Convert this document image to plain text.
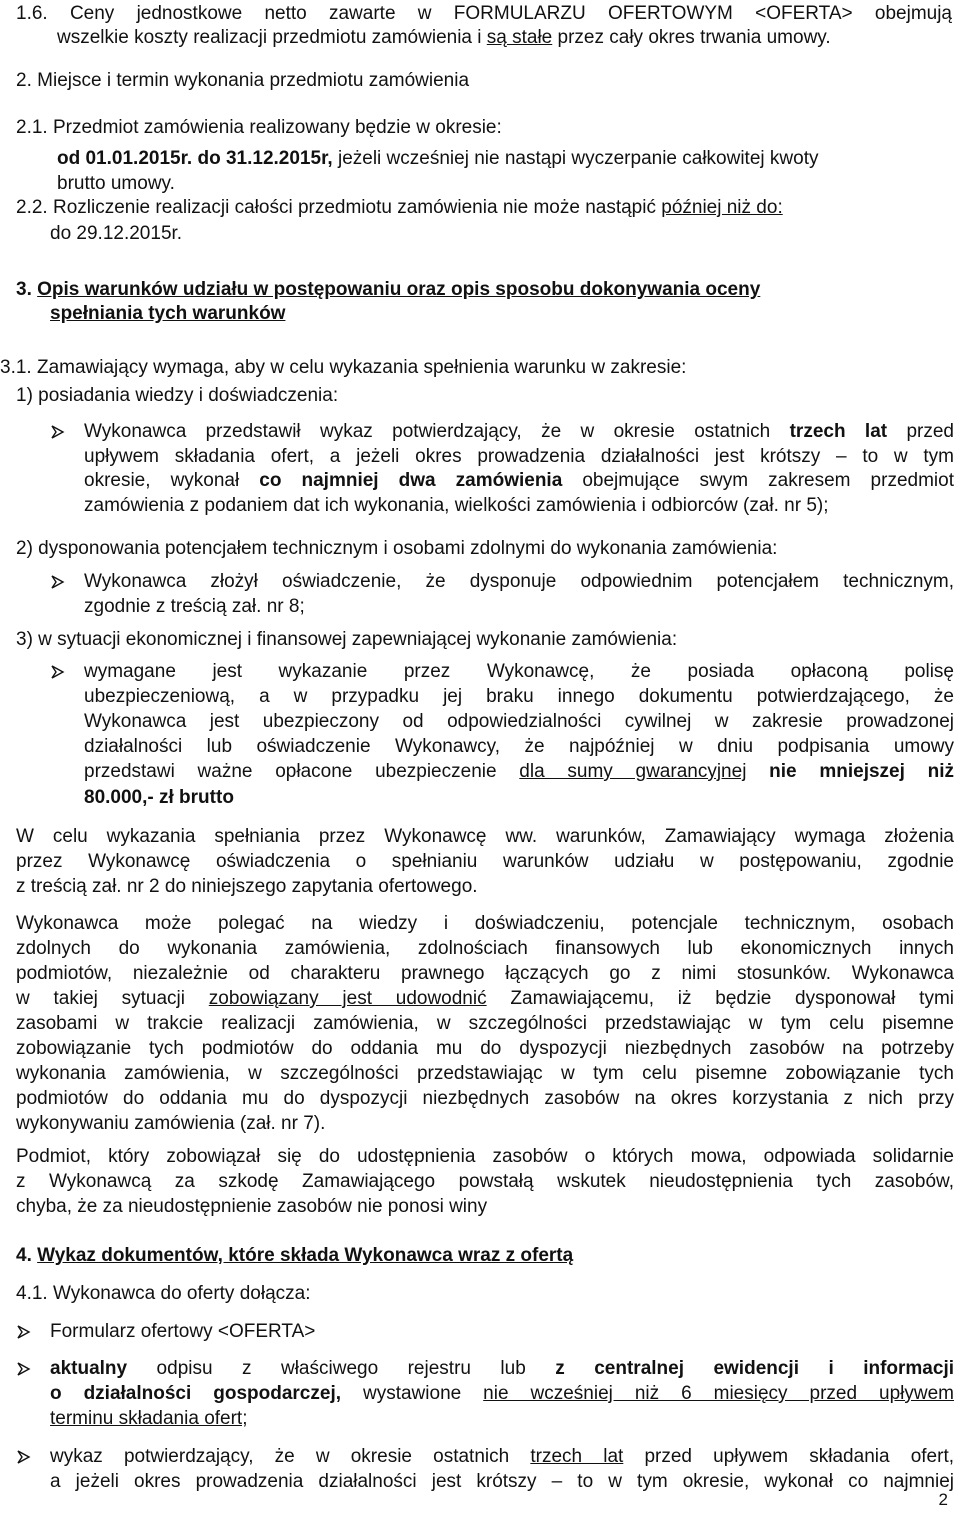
1.6. Ceny jednostkowe netto zawarte w FORMULARZU OFERTOWYM <OFERTA> obejmują
wszelkie koszty realizacji przedmiotu zamówienia i są stałe przez cały okres trwania umowy.
2. Miejsce i termin wykonania przedmiotu zamówienia
2.1. Przedmiot zamówienia realizowany będzie w okresie:
od 01.01.2015r. do 31.12.2015r, jeżeli wcześniej nie nastąpi wyczerpanie całkowitej kwoty
brutto umowy.
2.2. Rozliczenie realizacji całości przedmiotu zamówienia nie może nastąpić później niż do:
do 29.12.2015r.
3. Opis warunków udziału w postępowaniu oraz opis sposobu dokonywania oceny
spełniania tych warunków
3.1. Zamawiający wymaga, aby w celu wykazania spełnienia warunku w zakresie:
1) posiadania wiedzy i doświadczenia:
Wykonawca przedstawił wykaz potwierdzający, że w okresie ostatnich trzech lat przed
upływem składania ofert, a jeżeli okres prowadzenia działalności jest krótszy – to w tym
okresie, wykonał co najmniej dwa zamówienia obejmujące swym zakresem przedmiot
zamówienia z podaniem dat ich wykonania, wielkości zamówienia i odbiorców (zał. nr 5);
2) dysponowania potencjałem technicznym i osobami zdolnymi do wykonania zamówienia:
Wykonawca złożył oświadczenie, że dysponuje odpowiednim potencjałem technicznym,
zgodnie z treścią zał. nr 8;
3) w sytuacji ekonomicznej i finansowej zapewniającej wykonanie zamówienia:
wymagane jest wykazanie przez Wykonawcę, że posiada opłaconą polisę
ubezpieczeniową, a w przypadku jej braku innego dokumentu potwierdzającego, że
Wykonawca jest ubezpieczony od odpowiedzialności cywilnej w zakresie prowadzonej
działalności lub oświadczenie Wykonawcy, że najpóźniej w dniu podpisania umowy
przedstawi ważne opłacone ubezpieczenie dla sumy gwarancyjnej nie mniejszej niż
80.000,- zł brutto
W celu wykazania spełniania przez Wykonawcę ww. warunków, Zamawiający wymaga złożenia
przez Wykonawcę oświadczenia o spełnianiu warunków udziału w postępowaniu, zgodnie
z treścią zał. nr 2 do niniejszego zapytania ofertowego.
Wykonawca może polegać na wiedzy i doświadczeniu, potencjale technicznym, osobach
zdolnych do wykonania zamówienia, zdolnościach finansowych lub ekonomicznych innych
podmiotów, niezależnie od charakteru prawnego łączących go z nimi stosunków. Wykonawca
w takiej sytuacji zobowiązany jest udowodnić Zamawiającemu, iż będzie dysponował tymi
zasobami w trakcie realizacji zamówienia, w szczególności przedstawiając w tym celu pisemne
zobowiązanie tych podmiotów do oddania mu do dyspozycji niezbędnych zasobów na potrzeby
wykonania zamówienia, w szczególności przedstawiając w tym celu pisemne zobowiązanie tych
podmiotów do oddania mu do dyspozycji niezbędnych zasobów na okres korzystania z nich przy
wykonywaniu zamówienia (zał. nr 7).
Podmiot, który zobowiązał się do udostępnienia zasobów o których mowa, odpowiada solidarnie
z Wykonawcą za szkodę Zamawiającego powstałą wskutek nieudostępnienia tych zasobów,
chyba, że za nieudostępnienie zasobów nie ponosi winy
4. Wykaz dokumentów, które składa Wykonawca wraz z ofertą
4.1. Wykonawca do oferty dołącza:
Formularz ofertowy <OFERTA>
aktualny odpisu z właściwego rejestru lub z centralnej ewidencji i informacji
o działalności gospodarczej, wystawione nie wcześniej niż 6 miesięcy przed upływem
terminu składania ofert;
wykaz potwierdzający, że w okresie ostatnich trzech lat przed upływem składania ofert,
a jeżeli okres prowadzenia działalności jest krótszy – to w tym okresie, wykonał co najmniej
2
